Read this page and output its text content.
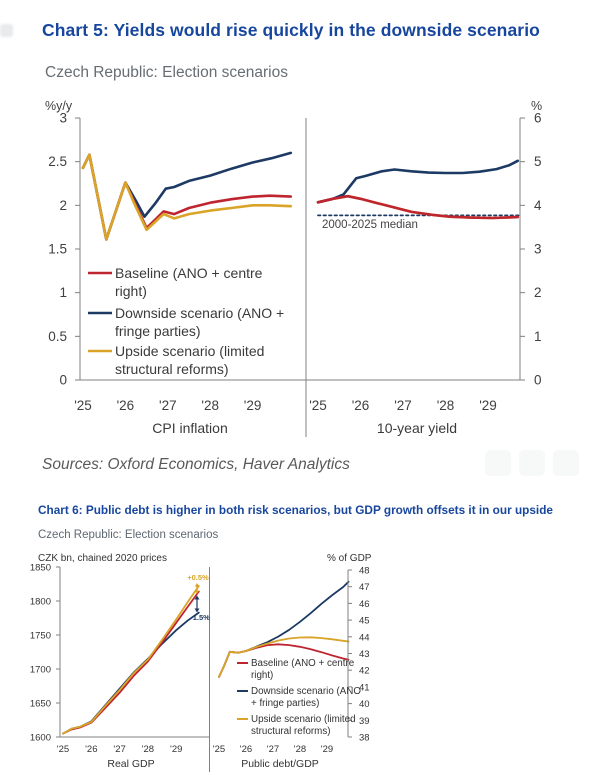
Chart 5: Yields would rise quickly in the downside scenario
Czech Republic: Election scenarios
%y/y	%
0
0.5
1
1.5
2
2.5
3
'25 '26 '27 '28 '29
0
1
2
3
4
5
6
'25 '26 '27 '28 '29
1600
1650
1700
1750
1800
1850
'25 '26 '27 '28 '29
38
39
40
41
42
43
44
45
46
47
48
'25 '26 '27 '28 '29
Baseline (ANO + centre
right)
Downside scenario (ANO +
fringe parties)
Upside scenario (limited
structural reforms)
2000-2025 median
CPI inflation	10-year yield
CZK bn, chained 2020 prices	% of GDP
+0.5%
-1.5%
Baseline (ANO + centre
right)
Downside scenario (ANO
+ fringe parties)
Upside scenario (limited
structural reforms)
Real GDP	Public debt/GDP
Sources: Oxford Economics, Haver Analytics
Chart 6: Public debt is higher in both risk scenarios, but GDP growth offsets it in our upside
Czech Republic: Election scenarios
